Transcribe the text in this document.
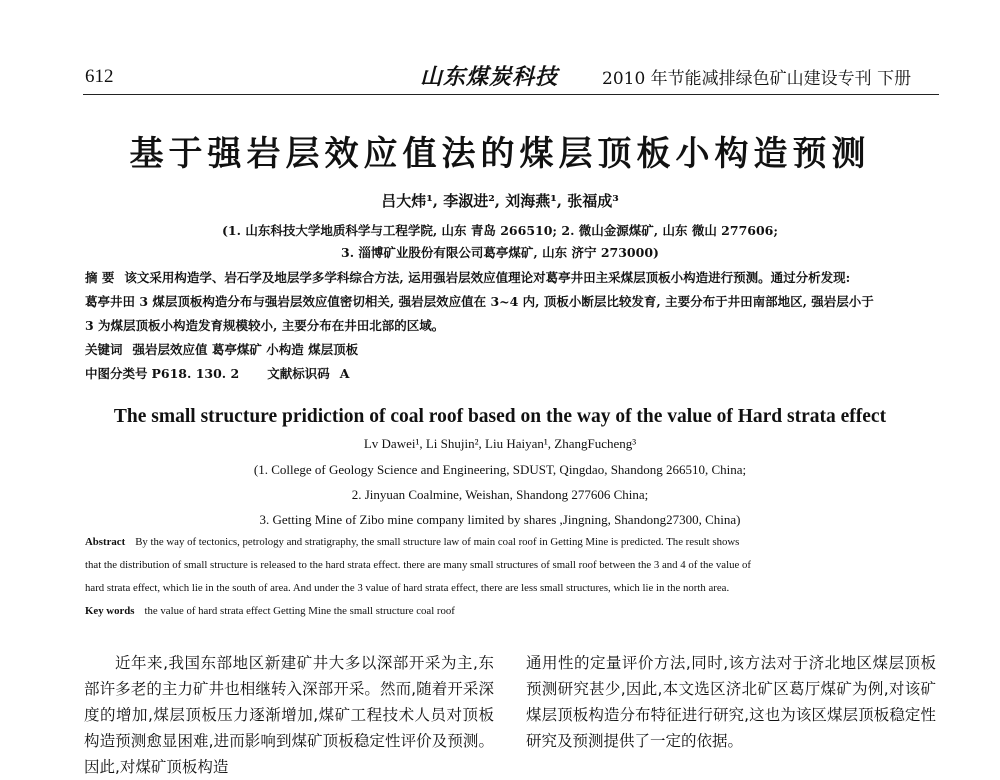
612	山东煤炭科技	2010 年节能减排绿色矿山建设专刊 下册
基于强岩层效应值法的煤层顶板小构造预测
吕大炜¹, 李淑进², 刘海燕¹, 张福成³
(1. 山东科技大学地质科学与工程学院, 山东 青岛 266510; 2. 微山金源煤矿, 山东 微山 277606;
3. 淄博矿业股份有限公司葛亭煤矿, 山东 济宁 273000)
摘 要 该文采用构造学、岩石学及地层学多学科综合方法, 运用强岩层效应值理论对葛亭井田主采煤层顶板小构造进行预测。通过分析发现:
葛亭井田 3 煤层顶板构造分布与强岩层效应值密切相关, 强岩层效应值在 3~4 内, 顶板小断层比较发育, 主要分布于井田南部地区, 强岩层小于
3 为煤层顶板小构造发育规模较小, 主要分布在井田北部的区域。
关键词 强岩层效应值 葛亭煤矿 小构造 煤层顶板
中图分类号 P618. 130. 2 文献标识码 A
The small structure pridiction of coal roof based on the way of the value of Hard strata effect
Lv Dawei¹, Li Shujin², Liu Haiyan¹, ZhangFucheng³
(1. College of Geology Science and Engineering, SDUST, Qingdao, Shandong 266510, China;
2. Jinyuan Coalmine, Weishan, Shandong 277606 China;
3. Getting Mine of Zibo mine company limited by shares ,Jingning, Shandong27300, China)
Abstract By the way of tectonics, petrology and stratigraphy, the small structure law of main coal roof in Getting Mine is predicted. The result shows
that the distribution of small structure is released to the hard strata effect. there are many small structures of small roof between the 3 and 4 of the value of
hard strata effect, which lie in the south of area. And under the 3 value of hard strata effect, there are less small structures, which lie in the north area.
Key words the value of hard strata effect Getting Mine the small structure coal roof

近年来,我国东部地区新建矿井大多以深部开采为主,东部许多老的主力矿井也相继转入深部开采。然而,随着开采深度的增加,煤层顶板压力逐渐增加,煤矿工程技术人员对顶板构造预测愈显困难,进而影响到煤矿顶板稳定性评价及预测。因此,对煤矿顶板构造

通用性的定量评价方法,同时,该方法对于济北地区煤层顶板预测研究甚少,因此,本文选区济北矿区葛厅煤矿为例,对该矿煤层顶板构造分布特征进行研究,这也为该区煤层顶板稳定性研究及预测提供了一定的依据。
